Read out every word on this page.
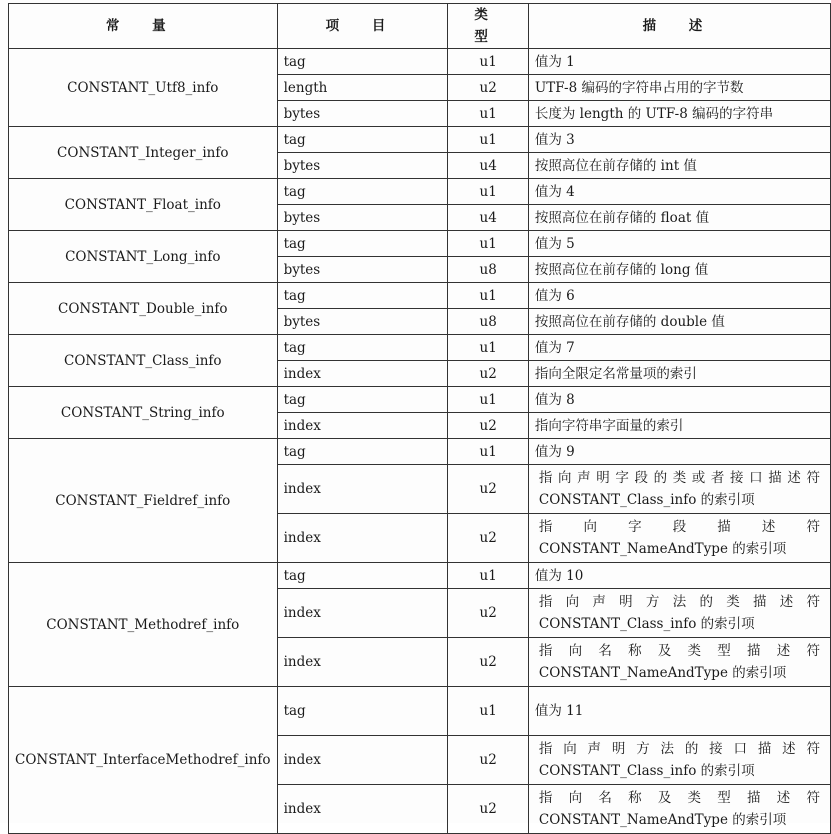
常 量	项 目	类 型	描 述
CONSTANT_Utf8_info	tag	u1	值为 1
	length	u2	UTF-8 编码的字符串占用的字节数
	bytes	u1	长度为 length 的 UTF-8 编码的字符串
CONSTANT_Integer_info	tag	u1	值为 3
	bytes	u4	按照高位在前存储的 int 值
CONSTANT_Float_info	tag	u1	值为 4
	bytes	u4	按照高位在前存储的 float 值
CONSTANT_Long_info	tag	u1	值为 5
	bytes	u8	按照高位在前存储的 long 值
CONSTANT_Double_info	tag	u1	值为 6
	bytes	u8	按照高位在前存储的 double 值
CONSTANT_Class_info	tag	u1	值为 7
	index	u2	指向全限定名常量项的索引
CONSTANT_String_info	tag	u1	值为 8
	index	u2	指向字符串字面量的索引
CONSTANT_Fieldref_info	tag	u1	值为 9
	index	u2	指向声明字段的类或者接口描述符 CONSTANT_Class_info 的索引项
	index	u2	指向字段描述符 CONSTANT_NameAndType 的索引项
CONSTANT_Methodref_info	tag	u1	值为 10
	index	u2	指向声明方法的类描述符 CONSTANT_Class_info 的索引项
	index	u2	指向名称及类型描述符 CONSTANT_NameAndType 的索引项
CONSTANT_InterfaceMethodref_info	tag	u1	值为 11
	index	u2	指向声明方法的接口描述符 CONSTANT_Class_info 的索引项
	index	u2	指向名称及类型描述符 CONSTANT_NameAndType 的索引项
